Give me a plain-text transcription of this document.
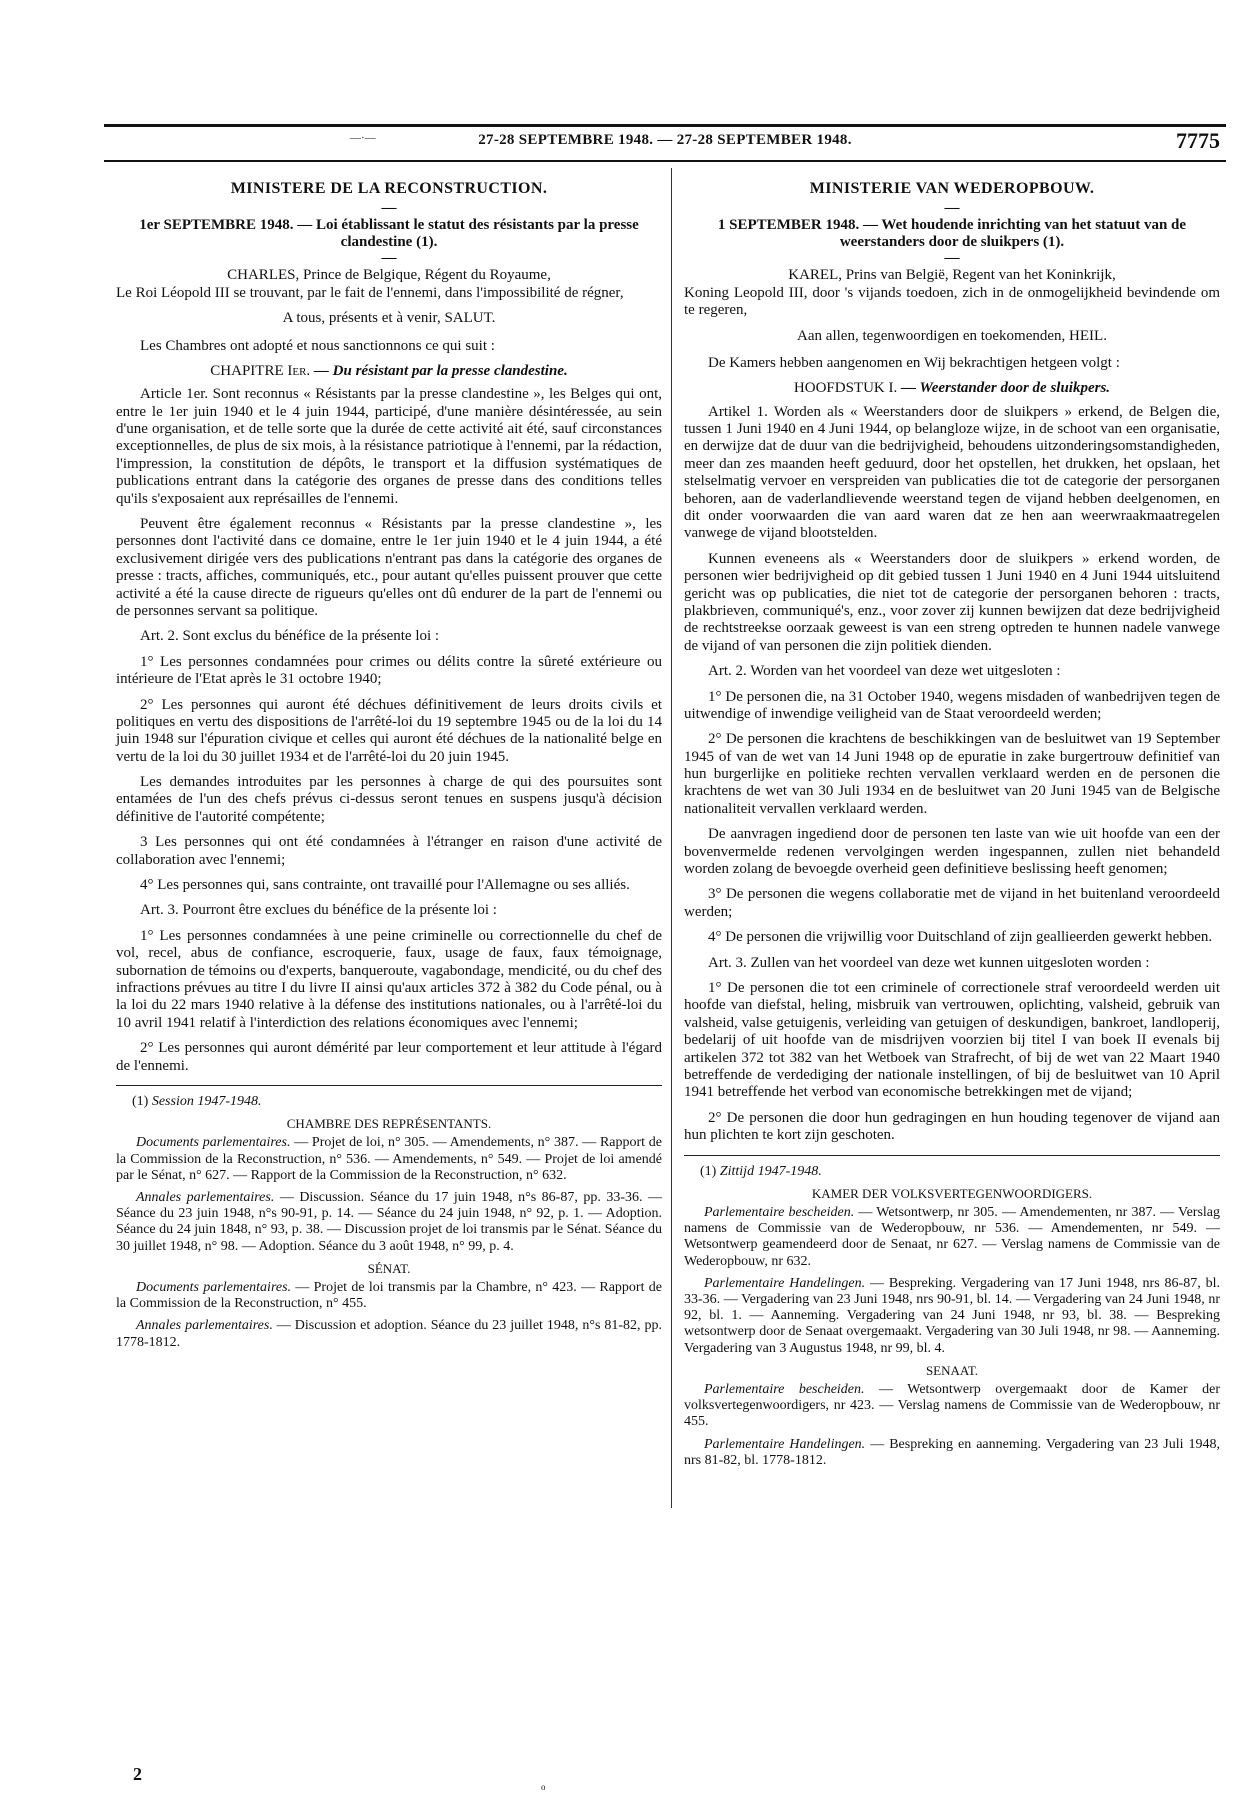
—·—	27-28 SEPTEMBRE 1948. — 27-28 SEPTEMBER 1948.	7775
MINISTERE DE LA RECONSTRUCTION.
—
1er SEPTEMBRE 1948. — Loi établissant le statut des résistants par la presse clandestine (1).
—
CHARLES, Prince de Belgique, Régent du Royaume,

Le Roi Léopold III se trouvant, par le fait de l'ennemi, dans l'impossibilité de régner,

A tous, présents et à venir, SALUT.

Les Chambres ont adopté et nous sanctionnons ce qui suit :

CHAPITRE Ier. — Du résistant par la presse clandestine.

Article 1er. Sont reconnus « Résistants par la presse clandestine », les Belges qui ont, entre le 1er juin 1940 et le 4 juin 1944, participé, d'une manière désintéressée, au sein d'une organisation, et de telle sorte que la durée de cette activité ait été, sauf circonstances exceptionnelles, de plus de six mois, à la résistance patriotique à l'ennemi, par la rédaction, l'impression, la constitution de dépôts, le transport et la diffusion systématiques de publications entrant dans la catégorie des organes de presse dans des conditions telles qu'ils s'exposaient aux représailles de l'ennemi.

Peuvent être également reconnus « Résistants par la presse clandestine », les personnes dont l'activité dans ce domaine, entre le 1er juin 1940 et le 4 juin 1944, a été exclusivement dirigée vers des publications n'entrant pas dans la catégorie des organes de presse : tracts, affiches, communiqués, etc., pour autant qu'elles puissent prouver que cette activité a été la cause directe de rigueurs qu'elles ont dû endurer de la part de l'ennemi ou de personnes servant sa politique.

Art. 2. Sont exclus du bénéfice de la présente loi :

1° Les personnes condamnées pour crimes ou délits contre la sûreté extérieure ou intérieure de l'Etat après le 31 octobre 1940;

2° Les personnes qui auront été déchues définitivement de leurs droits civils et politiques en vertu des dispositions de l'arrêté-loi du 19 septembre 1945 ou de la loi du 14 juin 1948 sur l'épuration civique et celles qui auront été déchues de la nationalité belge en vertu de la loi du 30 juillet 1934 et de l'arrêté-loi du 20 juin 1945.

Les demandes introduites par les personnes à charge de qui des poursuites sont entamées de l'un des chefs prévus ci-dessus seront tenues en suspens jusqu'à décision définitive de l'autorité compétente;

3 Les personnes qui ont été condamnées à l'étranger en raison d'une activité de collaboration avec l'ennemi;

4° Les personnes qui, sans contrainte, ont travaillé pour l'Allemagne ou ses alliés.

Art. 3. Pourront être exclues du bénéfice de la présente loi :

1° Les personnes condamnées à une peine criminelle ou correctionnelle du chef de vol, recel, abus de confiance, escroquerie, faux, usage de faux, faux témoignage, subornation de témoins ou d'experts, banqueroute, vagabondage, mendicité, ou du chef des infractions prévues au titre I du livre II ainsi qu'aux articles 372 à 382 du Code pénal, ou à la loi du 22 mars 1940 relative à la défense des institutions nationales, ou à l'arrêté-loi du 10 avril 1941 relatif à l'interdiction des relations économiques avec l'ennemi;

2° Les personnes qui auront démérité par leur comportement et leur attitude à l'égard de l'ennemi.

(1) Session 1947-1948.

CHAMBRE DES REPRÉSENTANTS.

Documents parlementaires. — Projet de loi, n° 305. — Amendements, n° 387. — Rapport de la Commission de la Reconstruction, n° 536. — Amendements, n° 549. — Projet de loi amendé par le Sénat, n° 627. — Rapport de la Commission de la Reconstruction, n° 632.

Annales parlementaires. — Discussion. Séance du 17 juin 1948, n°s 86-87, pp. 33-36. — Séance du 23 juin 1948, n°s 90-91, p. 14. — Séance du 24 juin 1948, n° 92, p. 1. — Adoption. Séance du 24 juin 1848, n° 93, p. 38. — Discussion projet de loi transmis par le Sénat. Séance du 30 juillet 1948, n° 98. — Adoption. Séance du 3 août 1948, n° 99, p. 4.

SÉNAT.

Documents parlementaires. — Projet de loi transmis par la Chambre, n° 423. — Rapport de la Commission de la Reconstruction, n° 455.

Annales parlementaires. — Discussion et adoption. Séance du 23 juillet 1948, n°s 81-82, pp. 1778-1812.

MINISTERIE VAN WEDEROPBOUW.
—
1 SEPTEMBER 1948. — Wet houdende inrichting van het statuut van de weerstanders door de sluikpers (1).
—
KAREL, Prins van België, Regent van het Koninkrijk,

Koning Leopold III, door 's vijands toedoen, zich in de onmogelijkheid bevindende om te regeren,

Aan allen, tegenwoordigen en toekomenden, HEIL.

De Kamers hebben aangenomen en Wij bekrachtigen hetgeen volgt :

HOOFDSTUK I. — Weerstander door de sluikpers.

Artikel 1. Worden als « Weerstanders door de sluikpers » erkend, de Belgen die, tussen 1 Juni 1940 en 4 Juni 1944, op belangloze wijze, in de schoot van een organisatie, en derwijze dat de duur van die bedrijvigheid, behoudens uitzonderingsomstandigheden, meer dan zes maanden heeft geduurd, door het opstellen, het drukken, het opslaan, het stelselmatig vervoer en verspreiden van publicaties die tot de categorie der persorganen behoren, aan de vaderlandlievende weerstand tegen de vijand hebben deelgenomen, en dit onder voorwaarden die van aard waren dat ze hen aan weerwraakmaatregelen vanwege de vijand blootstelden.

Kunnen eveneens als « Weerstanders door de sluikpers » erkend worden, de personen wier bedrijvigheid op dit gebied tussen 1 Juni 1940 en 4 Juni 1944 uitsluitend gericht was op publicaties, die niet tot de categorie der persorganen behoren : tracts, plakbrieven, communiqué's, enz., voor zover zij kunnen bewijzen dat deze bedrijvigheid de rechtstreekse oorzaak geweest is van een streng optreden te hunnen nadele vanwege de vijand of van personen die zijn politiek dienden.

Art. 2. Worden van het voordeel van deze wet uitgesloten :

1° De personen die, na 31 October 1940, wegens misdaden of wanbedrijven tegen de uitwendige of inwendige veiligheid van de Staat veroordeeld werden;

2° De personen die krachtens de beschikkingen van de besluitwet van 19 September 1945 of van de wet van 14 Juni 1948 op de epuratie in zake burgertrouw definitief van hun burgerlijke en politieke rechten vervallen verklaard werden en de personen die krachtens de wet van 30 Juli 1934 en de besluitwet van 20 Juni 1945 van de Belgische nationaliteit vervallen verklaard werden.

De aanvragen ingediend door de personen ten laste van wie uit hoofde van een der bovenvermelde redenen vervolgingen werden ingespannen, zullen niet behandeld worden zolang de bevoegde overheid geen definitieve beslissing heeft genomen;

3° De personen die wegens collaboratie met de vijand in het buitenland veroordeeld werden;

4° De personen die vrijwillig voor Duitschland of zijn geallieerden gewerkt hebben.

Art. 3. Zullen van het voordeel van deze wet kunnen uitgesloten worden :

1° De personen die tot een criminele of correctionele straf veroordeeld werden uit hoofde van diefstal, heling, misbruik van vertrouwen, oplichting, valsheid, gebruik van valsheid, valse getuigenis, verleiding van getuigen of deskundigen, bankroet, landloperij, bedelarij of uit hoofde van de misdrijven voorzien bij titel I van boek II evenals bij artikelen 372 tot 382 van het Wetboek van Strafrecht, of bij de wet van 22 Maart 1940 betreffende de verdediging der nationale instellingen, of bij de besluitwet van 10 April 1941 betreffende het verbod van economische betrekkingen met de vijand;

2° De personen die door hun gedragingen en hun houding tegenover de vijand aan hun plichten te kort zijn geschoten.

(1) Zittijd 1947-1948.

KAMER DER VOLKSVERTEGENWOORDIGERS.

Parlementaire bescheiden. — Wetsontwerp, nr 305. — Amendementen, nr 387. — Verslag namens de Commissie van de Wederopbouw, nr 536. — Amendementen, nr 549. — Wetsontwerp geamendeerd door de Senaat, nr 627. — Verslag namens de Commissie van de Wederopbouw, nr 632.

Parlementaire Handelingen. — Bespreking. Vergadering van 17 Juni 1948, nrs 86-87, bl. 33-36. — Vergadering van 23 Juni 1948, nrs 90-91, bl. 14. — Vergadering van 24 Juni 1948, nr 92, bl. 1. — Aanneming. Vergadering van 24 Juni 1948, nr 93, bl. 38. — Bespreking wetsontwerp door de Senaat overgemaakt. Vergadering van 30 Juli 1948, nr 98. — Aanneming. Vergadering van 3 Augustus 1948, nr 99, bl. 4.

SENAAT.

Parlementaire bescheiden. — Wetsontwerp overgemaakt door de Kamer der volksvertegenwoordigers, nr 423. — Verslag namens de Commissie van de Wederopbouw, nr 455.

Parlementaire Handelingen. — Bespreking en aanneming. Vergadering van 23 Juli 1948, nrs 81-82, bl. 1778-1812.

2
o
